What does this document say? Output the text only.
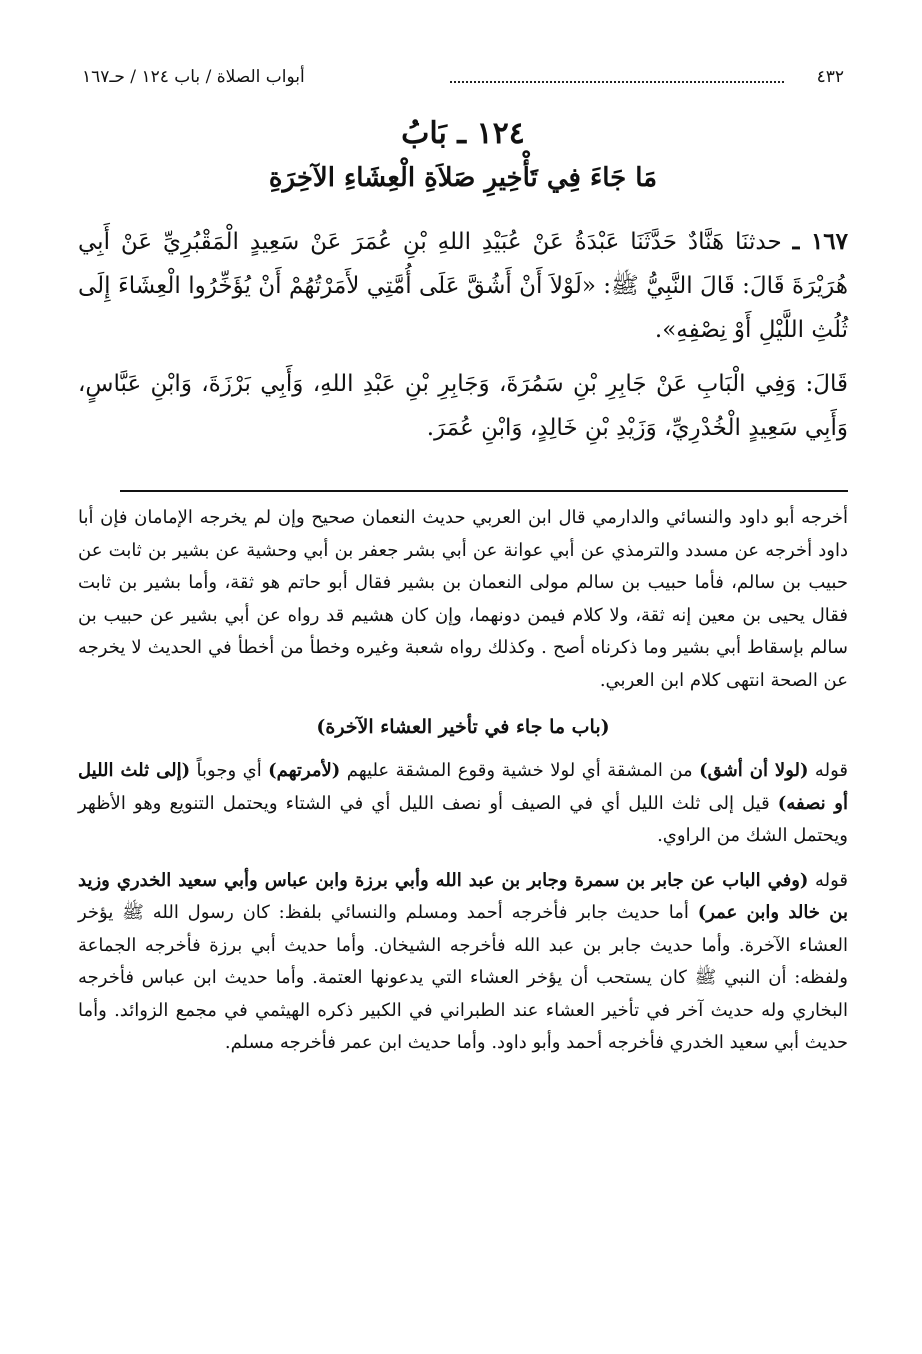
٤٣٢
أبواب الصلاة / باب ١٢٤ / حـ١٦٧
١٢٤ ـ بَابُ
مَا جَاءَ فِي تَأْخِيرِ صَلاَةِ الْعِشَاءِ الآخِرَةِ

١٦٧ ـ حدثنَا هَنَّادٌ حَدَّثَنَا عَبْدَةُ عَنْ عُبَيْدِ اللهِ بْنِ عُمَرَ عَنْ سَعِيدٍ الْمَقْبُرِيِّ عَنْ أَبِي هُرَيْرَةَ قَالَ: قَالَ النَّبِيُّ ﷺ: «لَوْلاَ أَنْ أَشُقَّ عَلَى أُمَّتِي لأَمَرْتُهُمْ أَنْ يُؤَخِّرُوا الْعِشَاءَ إِلَى ثُلُثِ اللَّيْلِ أَوْ نِصْفِهِ».

قَالَ: وَفِي الْبَابِ عَنْ جَابِرِ بْنِ سَمُرَةَ، وَجَابِرِ بْنِ عَبْدِ اللهِ، وَأَبِي بَرْزَةَ، وَابْنِ عَبَّاسٍ، وَأَبِي سَعِيدٍ الْخُدْرِيِّ، وَزَيْدِ بْنِ خَالِدٍ، وَابْنِ عُمَرَ.

أخرجه أبو داود والنسائي والدارمي قال ابن العربي حديث النعمان صحيح وإن لم يخرجه الإمامان فإن أبا داود أخرجه عن مسدد والترمذي عن أبي عوانة عن أبي بشر جعفر بن أبي وحشية عن بشير بن ثابت عن حبيب بن سالم، فأما حبيب بن سالم مولى النعمان بن بشير فقال أبو حاتم هو ثقة، وأما بشير بن ثابت فقال يحيى بن معين إنه ثقة، ولا كلام فيمن دونهما، وإن كان هشيم قد رواه عن أبي بشير عن حبيب بن سالم بإسقاط أبي بشير وما ذكرناه أصح . وكذلك رواه شعبة وغيره وخطأ من أخطأ في الحديث لا يخرجه عن الصحة انتهى كلام ابن العربي.

(باب ما جاء في تأخير العشاء الآخرة)

قوله (لولا أن أشق) من المشقة أي لولا خشية وقوع المشقة عليهم (لأمرتهم) أي وجوباً (إلى ثلث الليل أو نصفه) قيل إلى ثلث الليل أي في الصيف أو نصف الليل أي في الشتاء ويحتمل التنويع وهو الأظهر ويحتمل الشك من الراوي.

قوله (وفي الباب عن جابر بن سمرة وجابر بن عبد الله وأبي برزة وابن عباس وأبي سعيد الخدري وزيد بن خالد وابن عمر) أما حديث جابر فأخرجه أحمد ومسلم والنسائي بلفظ: كان رسول الله ﷺ يؤخر العشاء الآخرة. وأما حديث جابر بن عبد الله فأخرجه الشيخان. وأما حديث أبي برزة فأخرجه الجماعة ولفظه: أن النبي ﷺ كان يستحب أن يؤخر العشاء التي يدعونها العتمة. وأما حديث ابن عباس فأخرجه البخاري وله حديث آخر في تأخير العشاء عند الطبراني في الكبير ذكره الهيثمي في مجمع الزوائد. وأما حديث أبي سعيد الخدري فأخرجه أحمد وأبو داود. وأما حديث ابن عمر فأخرجه مسلم.
